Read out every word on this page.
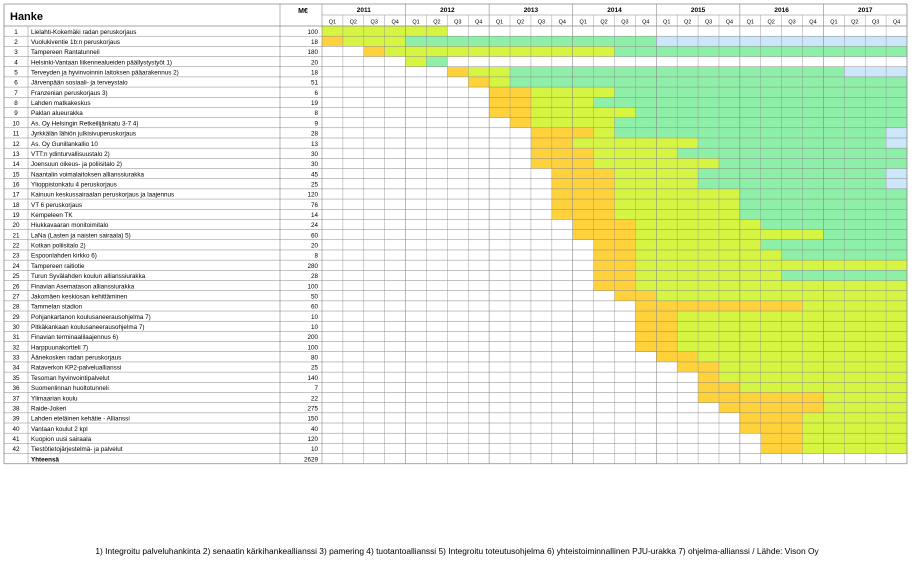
Hanke	M€	2011	2012	2013	2014	2015	2016	2017
Q1 Q2 Q3 Q4 Q1 Q2 Q3 Q4 Q1 Q2 Q3 Q4 Q1 Q2 Q3 Q4 Q1 Q2 Q3 Q4 Q1 Q2 Q3 Q4 Q1 Q2 Q3 Q4
1 Lielahti-Kokemäki radan peruskorjaus	100
2 Vuolukiventie 1b:n peruskorjaus	18
3 Tampereen Rantatunneli	180
4 Helsinki-Vantaan liikennealueiden päällystystyöt 1)	20
5 Terveyden ja hyvinvoinnin laitoksen pääarakennus 2)	18
6 Järvenpään sosiaali- ja terveystalo	51
7 Franzenian peruskorjaus 3)	6
8 Lahden matkakeskus	19
9 Paklan alueurakka	8
10 As. Oy Helsingin Retkeilijänkatu 3-7 4)	9
11 Jyrkkälän lähiön julkisivuperuskorjaus	28
12 As. Oy Gunillankallio 10	13
13 VTT:n ydinturvallisuustalo 2)	30
14 Joensuun oikeus- ja poliisitalo 2)	30
15 Naantalin voimalaitoksen allianssiurakka	45
16 Ylioppistonkatu 4 peruskorjaus	25
17 Kainuun keskussairaalan peruskorjaus ja laajennus	120
18 VT 6 peruskorjaus	76
19 Kempeleen TK	14
20 Hiukkavaaran monitoimitalo	24
21 LaNa (Lasten ja naisten sairaala) 5)	60
22 Kotkan poliisitalo 2)	20
23 Espoonlahden kirkko 6)	8
24 Tampereen raitiotie	280
25 Turun Syvälahden koulun allianssiurakka	28
26 Finavian Asematason allianssiurakka	100
27 Jakomäen keskiosan kehittäminen	50
28 Tammelan stadion	60
29 Pohjankartanon koulusaneerausohjelma 7)	10
30 Pitkäkankaan koulusaneerausohjelma 7)	10
31 Finavian terminaalilaajennus 6)	200
32 Harppuunakortteli 7)	100
33 Äänekosken radan peruskorjaus	80
34 Rataverkon KP2-palveluallianssi	25
35 Tesoman hyvinvointipalvelut	140
36 Suomenlinnan huoltotunneli	7
37 Ylimaarian koulu	22
38 Raide-Jokeri	275
39 Lahden eteläinen kehätie - Allianssi	150
40 Vantaan koulut 2 kpl	40
41 Kuopion uusi sairaala	120
42 Tiestötietojärjestelmä- ja palvelut	10
Yhteensä	2629
1) Integroitu palveluhankinta 2) senaatin kärkihankeallianssi 3) pamering 4) tuotantoallianssi 5) Integroitu toteutusohjelma 6) yhteistoiminnallinen PJU-urakka 7) ohjelma-allianssi / Lähde: Vison Oy
